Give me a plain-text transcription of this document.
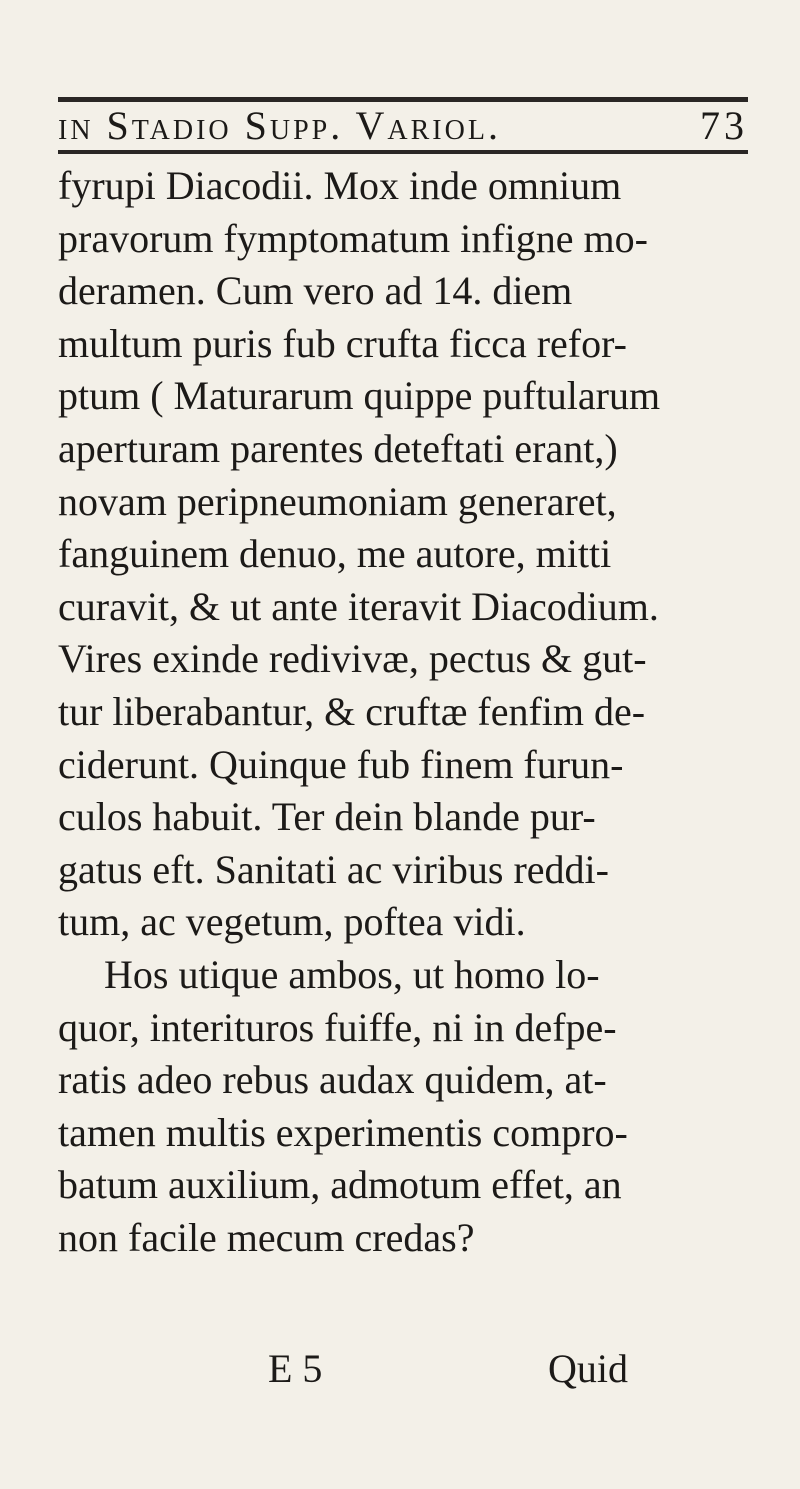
in Stadio Supp. Variol.	73
fyrupi Diacodii. Mox inde omnium
pravorum fymptomatum infigne mo-
deramen. Cum vero ad 14. diem
multum puris fub crufta ficca refor-
ptum ( Maturarum quippe puftularum
aperturam parentes deteftati erant,)
novam peripneumoniam generaret,
fanguinem denuo, me autore, mitti
curavit, & ut ante iteravit Diacodium.
Vires exinde redivivæ, pectus & gut-
tur liberabantur, & cruftæ fenfim de-
ciderunt. Quinque fub finem furun-
culos habuit. Ter dein blande pur-
gatus eft. Sanitati ac viribus reddi-
tum, ac vegetum, poftea vidi.
Hos utique ambos, ut homo lo-
quor, interituros fuiffe, ni in defpe-
ratis adeo rebus audax quidem, at-
tamen multis experimentis compro-
batum auxilium, admotum effet, an
non facile mecum credas?
E 5	Quid
